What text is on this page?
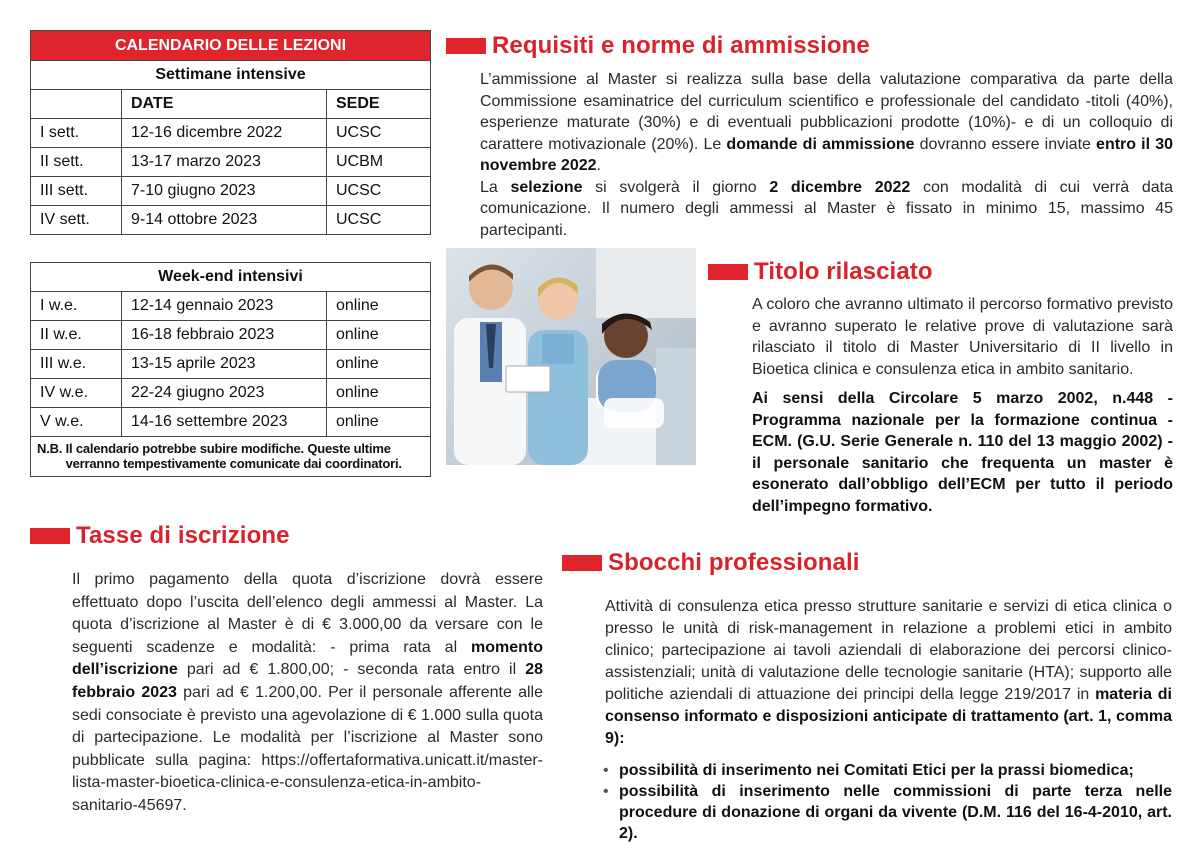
CALENDARIO DELLE LEZIONI		
Settimane intensive		
	DATE	SEDE
I sett.	12-16 dicembre 2022	UCSC
II sett.	13-17 marzo 2023	UCBM
III sett.	7-10 giugno 2023	UCSC
IV sett.	9-14 ottobre 2023	UCSC
Week-end intensivi		
I w.e.	12-14 gennaio 2023	online
II w.e.	16-18 febbraio 2023	online
III w.e.	13-15 aprile 2023	online
IV w.e.	22-24 giugno 2023	online
V w.e.	14-16 settembre 2023	online

N.B.
Il calendario potrebbe subire modifiche. Queste ultime verranno tempestivamente comunicate dai coordinatori.		
Requisiti e norme di ammissione

L’ammissione al Master si realizza sulla base della valutazione comparativa da parte della Commissione esaminatrice del curriculum scientifico e professionale del candidato -titoli (40%), esperienze maturate (30%) e di eventuali pubblicazioni prodotte (10%)- e di un colloquio di carattere motivazionale (20%). Le domande di ammissione dovranno essere inviate entro il 30 novembre 2022.

La selezione si svolgerà il giorno 2 dicembre 2022 con modalità di cui verrà data comunicazione. Il numero degli ammessi al Master è fissato in minimo 15, massimo 45 partecipanti.

Titolo rilasciato

A coloro che avranno ultimato il percorso formativo previsto e avranno superato le relative prove di valutazione sarà rilasciato il titolo di Master Universitario di II livello in Bioetica clinica e consulenza etica in ambito sanitario.

Ai sensi della Circolare 5 marzo 2002, n.448 - Programma nazionale per la formazione continua - ECM. (G.U. Serie Generale n. 110 del 13 maggio 2002) - il personale sanitario che frequenta un master è esonerato dall’obbligo dell’ECM per tutto il periodo dell’impegno formativo.

Tasse di iscrizione

Il primo pagamento della quota d’iscrizione dovrà essere effettuato dopo l’uscita dell’elenco degli ammessi al Master. La quota d’iscrizione al Master è di € 3.000,00 da versare con le seguenti scadenze e modalità: - prima rata al momento dell’iscrizione pari ad € 1.800,00; - seconda rata entro il 28 febbraio 2023 pari ad € 1.200,00. Per il personale afferente alle sedi consociate è previsto una agevolazione di € 1.000 sulla quota di partecipazione. Le modalità per l’iscrizione al Master sono pubblicate sulla pagina: https://offertaformativa.unicatt.it/master-lista-master-bioetica-clinica-e-consulenza-etica-in-ambito-sanitario-45697.

Sbocchi professionali

Attività di consulenza etica presso strutture sanitarie e servizi di etica clinica o presso le unità di risk-management in relazione a problemi etici in ambito clinico; partecipazione ai tavoli aziendali di elaborazione dei percorsi clinico-assistenziali; unità di valutazione delle tecnologie sanitarie (HTA); supporto alle politiche aziendali di attuazione dei principi della legge 219/2017 in materia di consenso informato e disposizioni anticipate di trattamento (art. 1, comma 9):

• possibilità di inserimento nei Comitati Etici per la prassi biomedica;
• possibilità di inserimento nelle commissioni di parte terza nelle procedure di donazione di organi da vivente (D.M. 116 del 16-4-2010, art. 2).
